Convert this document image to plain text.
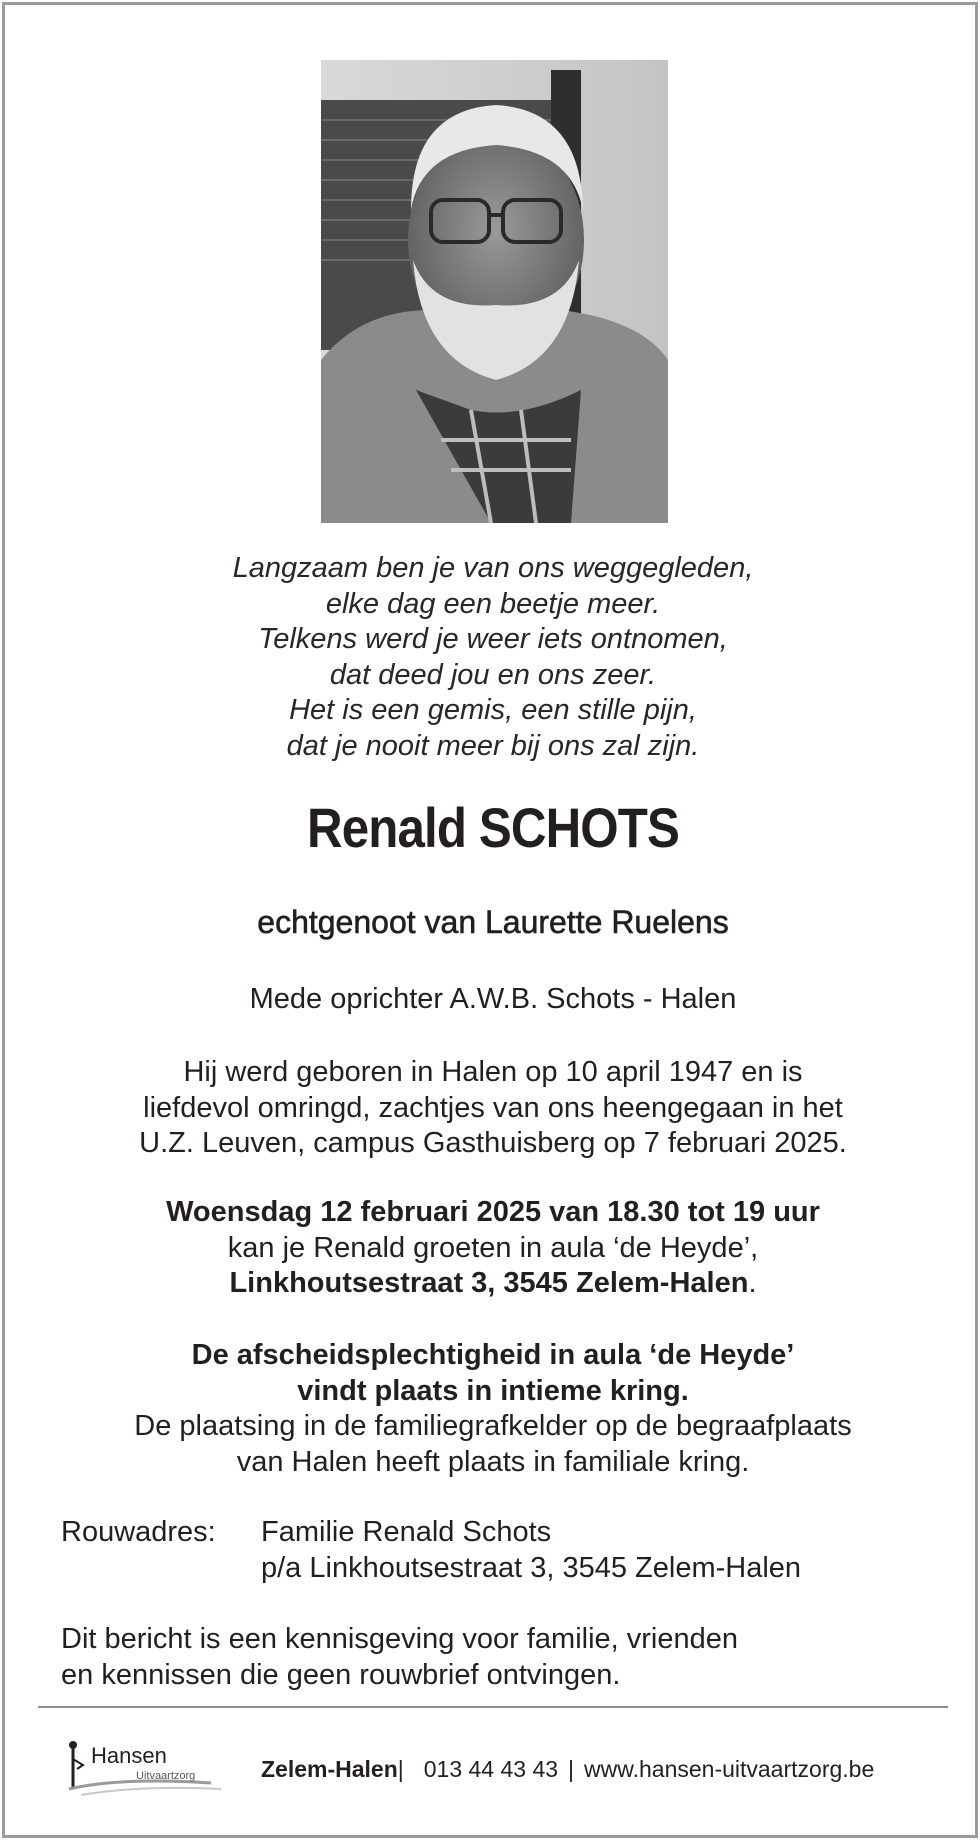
Langzaam ben je van ons weggegleden,
elke dag een beetje meer.
Telkens werd je weer iets ontnomen,
dat deed jou en ons zeer.
Het is een gemis, een stille pijn,
dat je nooit meer bij ons zal zijn.
Renald SCHOTS
echtgenoot van Laurette Ruelens
Mede oprichter A.W.B. Schots - Halen
Hij werd geboren in Halen op 10 april 1947 en is
liefdevol omringd, zachtjes van ons heengegaan in het
U.Z. Leuven, campus Gasthuisberg op 7 februari 2025.
Woensdag 12 februari 2025 van 18.30 tot 19 uur
kan je Renald groeten in aula ‘de Heyde’,
Linkhoutsestraat 3, 3545 Zelem-Halen.
De afscheidsplechtigheid in aula ‘de Heyde’
vindt plaats in intieme kring.
De plaatsing in de familiegrafkelder op de begraafplaats
van Halen heeft plaats in familiale kring.
Rouwadres: Familie Renald Schots
p/a Linkhoutsestraat 3, 3545 Zelem-Halen
Dit bericht is een kennisgeving voor familie, vrienden
en kennissen die geen rouwbrief ontvingen.
Hansen
Uitvaartzorg	Zelem-Halen| 013 44 43 43 | www.hansen-uitvaartzorg.be
